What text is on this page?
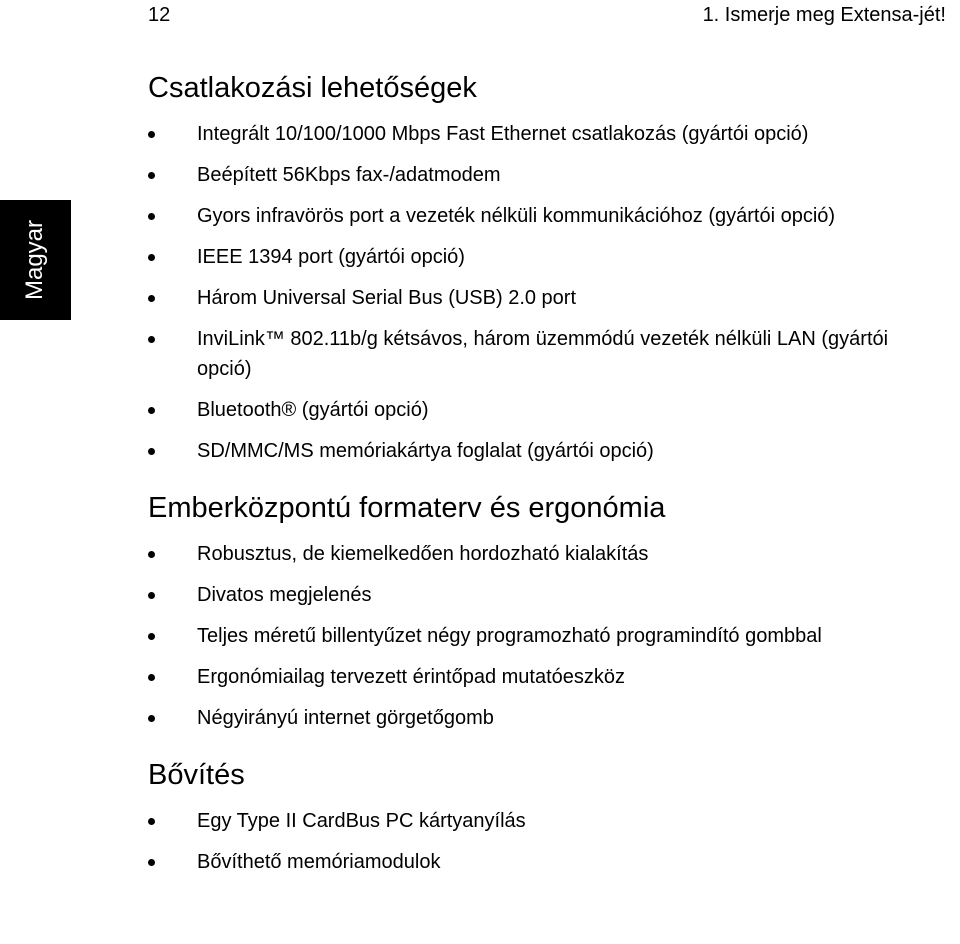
12	1. Ismerje meg Extensa-jét!
Magyar
Csatlakozási lehetőségek
Integrált 10/100/1000 Mbps Fast Ethernet csatlakozás (gyártói opció)
Beépített 56Kbps fax-/adatmodem
Gyors infravörös port a vezeték nélküli kommunikációhoz (gyártói opció)
IEEE 1394 port (gyártói opció)
Három Universal Serial Bus (USB) 2.0 port
InviLink™ 802.11b/g kétsávos, három üzemmódú vezeték nélküli LAN (gyártói opció)
Bluetooth® (gyártói opció)
SD/MMC/MS memóriakártya foglalat (gyártói opció)
Emberközpontú formaterv és ergonómia
Robusztus, de kiemelkedően hordozható kialakítás
Divatos megjelenés
Teljes méretű billentyűzet négy programozható programindító gombbal
Ergonómiailag tervezett érintőpad mutatóeszköz
Négyirányú internet görgetőgomb
Bővítés
Egy Type II CardBus PC kártyanyílás
Bővíthető memóriamodulok
